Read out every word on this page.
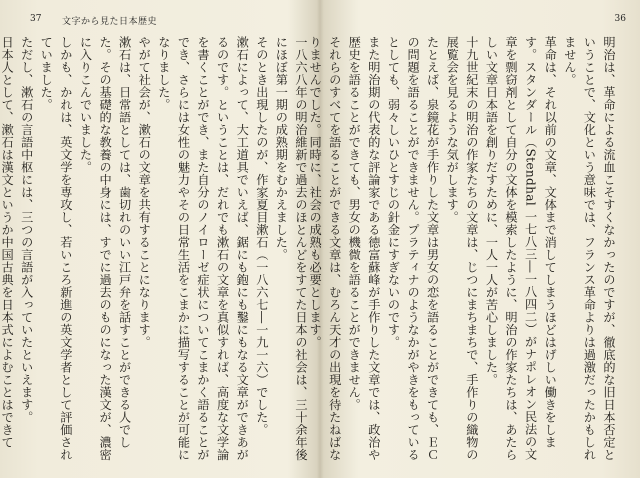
37 文字から見た日本歴史

一八六八年の明治維新で過去のほとんどをすてた日本の社会は、三十余年後にほぼ第一期の成熟期をむかえました。

そのとき出現したのが、作家夏目漱石（一八六七―一九一六）でした。

漱石によって、大工道具でいえば、鋸にも鉋にも鑿にもなる文章ができあがるのです。ということは、だれでも漱石の文章を真似すれば、高度な文学論を書くことができ、また自分のノイローゼ症状についてこまかく語ることができ、さらには女性の魅力やその日常生活をこまかに描写することが可能になりました。

やがて社会が、漱石の文章を共有することになります。

漱石は、日常語としては、歯切れのいい江戸弁を話すことができる人でした。その基礎的な教養の中身には、すでに過去のものになった漢文が、濃密に入りこんでいました。

しかも、かれは、英文学を専攻し、若いころ新進の英文学者として評価されていました。

ただし、漱石の言語中枢には、三つの言語が入っていたといえます。

日本人として、漱石は漢文というか中国古典を日本式によむことはできて

36

明治は、革命による流血こそすくなかったのですが、徹底的な旧日本否定ということで、文化という意味では、フランス革命よりは過激だったかもしれません。

革命は、それ以前の文章、文体まで消してしまうほどはげしい働きをします。スタンダール（Stendhal 一七八三―一八四二）がナポレオン民法の文章を剽窃剤として自分の文体を模索したように、明治の作家たちは、あたらしい文章日本語を創りだすために、一人一人が苦心しました。

十九世紀末の明治の作家たちの文章は、じつにまちまちで、手作りの織物の展覧会を見るような気がします。

たとえば、泉鏡花が手作りした文章は男女の恋を語ることができても、ＥＣの問題を語ることができません。プラティナのようなかがやきをもっているとしても、弱々しいひとすじの針金にすぎないのです。

また明治期の代表的な評論家である徳富蘇峰が手作りした文章では、政治や歴史を語ることができても、男女の機微を語ることができません。

それらのすべてを語ることができる文章は、むろん天才の出現を待たねばなりませんでした。同時に、社会の成熟も必要とします。
